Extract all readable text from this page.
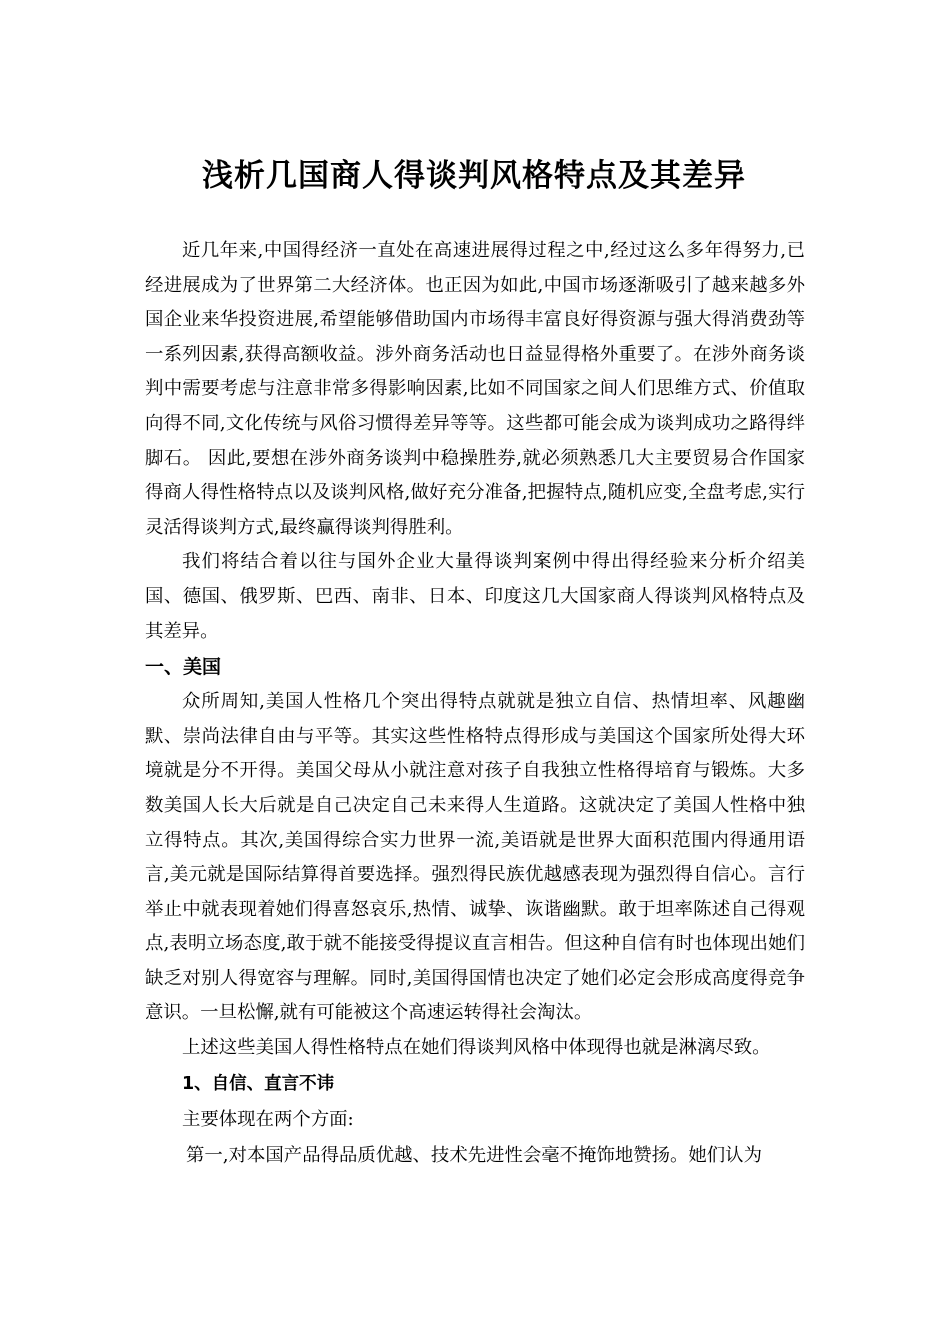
浅析几国商人得谈判风格特点及其差异

近几年来,中国得经济一直处在高速进展得过程之中,经过这么多年得努力,已经进展成为了世界第二大经济体。也正因为如此,中国市场逐渐吸引了越来越多外国企业来华投资进展,希望能够借助国内市场得丰富良好得资源与强大得消费劲等一系列因素,获得高额收益。涉外商务活动也日益显得格外重要了。在涉外商务谈判中需要考虑与注意非常多得影响因素,比如不同国家之间人们思维方式、价值取向得不同,文化传统与风俗习惯得差异等等。这些都可能会成为谈判成功之路得绊脚石。 因此,要想在涉外商务谈判中稳操胜券,就必须熟悉几大主要贸易合作国家得商人得性格特点以及谈判风格,做好充分准备,把握特点,随机应变,全盘考虑,实行灵活得谈判方式,最终赢得谈判得胜利。

我们将结合着以往与国外企业大量得谈判案例中得出得经验来分析介绍美国、德国、俄罗斯、巴西、南非、日本、印度这几大国家商人得谈判风格特点及其差异。

一、美国

众所周知,美国人性格几个突出得特点就就是独立自信、热情坦率、风趣幽默、崇尚法律自由与平等。其实这些性格特点得形成与美国这个国家所处得大环境就是分不开得。美国父母从小就注意对孩子自我独立性格得培育与锻炼。大多数美国人长大后就是自己决定自己未来得人生道路。这就决定了美国人性格中独立得特点。其次,美国得综合实力世界一流,美语就是世界大面积范围内得通用语言,美元就是国际结算得首要选择。强烈得民族优越感表现为强烈得自信心。言行举止中就表现着她们得喜怒哀乐,热情、诚挚、诙谐幽默。敢于坦率陈述自己得观点,表明立场态度,敢于就不能接受得提议直言相告。但这种自信有时也体现出她们缺乏对别人得宽容与理解。同时,美国得国情也决定了她们必定会形成高度得竞争意识。一旦松懈,就有可能被这个高速运转得社会淘汰。

上述这些美国人得性格特点在她们得谈判风格中体现得也就是淋漓尽致。

1、自信、直言不讳

主要体现在两个方面:

第一,对本国产品得品质优越、技术先进性会毫不掩饰地赞扬。她们认为
